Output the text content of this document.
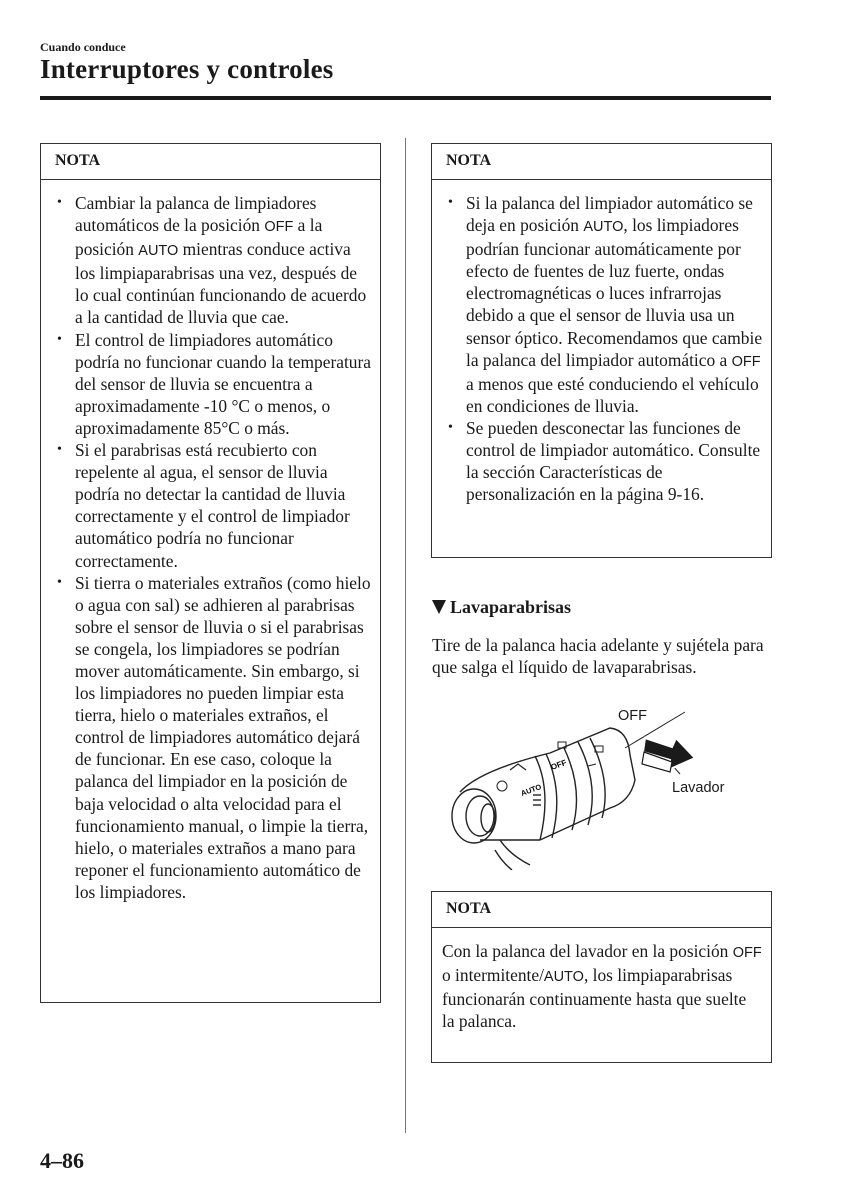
Cuando conduce
Interruptores y controles
NOTA
• Cambiar la palanca de limpiadores automáticos de la posición OFF a la posición AUTO mientras conduce activa los limpiaparabrisas una vez, después de lo cual continúan funcionando de acuerdo a la cantidad de lluvia que cae.
• El control de limpiadores automático podría no funcionar cuando la temperatura del sensor de lluvia se encuentra a aproximadamente -10 °C o menos, o aproximadamente 85°C o más.
• Si el parabrisas está recubierto con repelente al agua, el sensor de lluvia podría no detectar la cantidad de lluvia correctamente y el control de limpiador automático podría no funcionar correctamente.
• Si tierra o materiales extraños (como hielo o agua con sal) se adhieren al parabrisas sobre el sensor de lluvia o si el parabrisas se congela, los limpiadores se podrían mover automáticamente. Sin embargo, si los limpiadores no pueden limpiar esta tierra, hielo o materiales extraños, el control de limpiadores automático dejará de funcionar. En ese caso, coloque la palanca del limpiador en la posición de baja velocidad o alta velocidad para el funcionamiento manual, o limpie la tierra, hielo, o materiales extraños a mano para reponer el funcionamiento automático de los limpiadores.
NOTA
• Si la palanca del limpiador automático se deja en posición AUTO, los limpiadores podrían funcionar automáticamente por efecto de fuentes de luz fuerte, ondas electromagnéticas o luces infrarrojas debido a que el sensor de lluvia usa un sensor óptico. Recomendamos que cambie la palanca del limpiador automático a OFF a menos que esté conduciendo el vehículo en condiciones de lluvia.
• Se pueden desconectar las funciones de control de limpiador automático. Consulte la sección Características de personalización en la página 9-16.
Lavaparabrisas

Tire de la palanca hacia adelante y sujétela para que salga el líquido de lavaparabrisas.

OFF
AUTO
OFF
Lavador
NOTA

Con la palanca del lavador en la posición OFF o intermitente/AUTO, los limpiaparabrisas funcionarán continuamente hasta que suelte la palanca.

4–86
